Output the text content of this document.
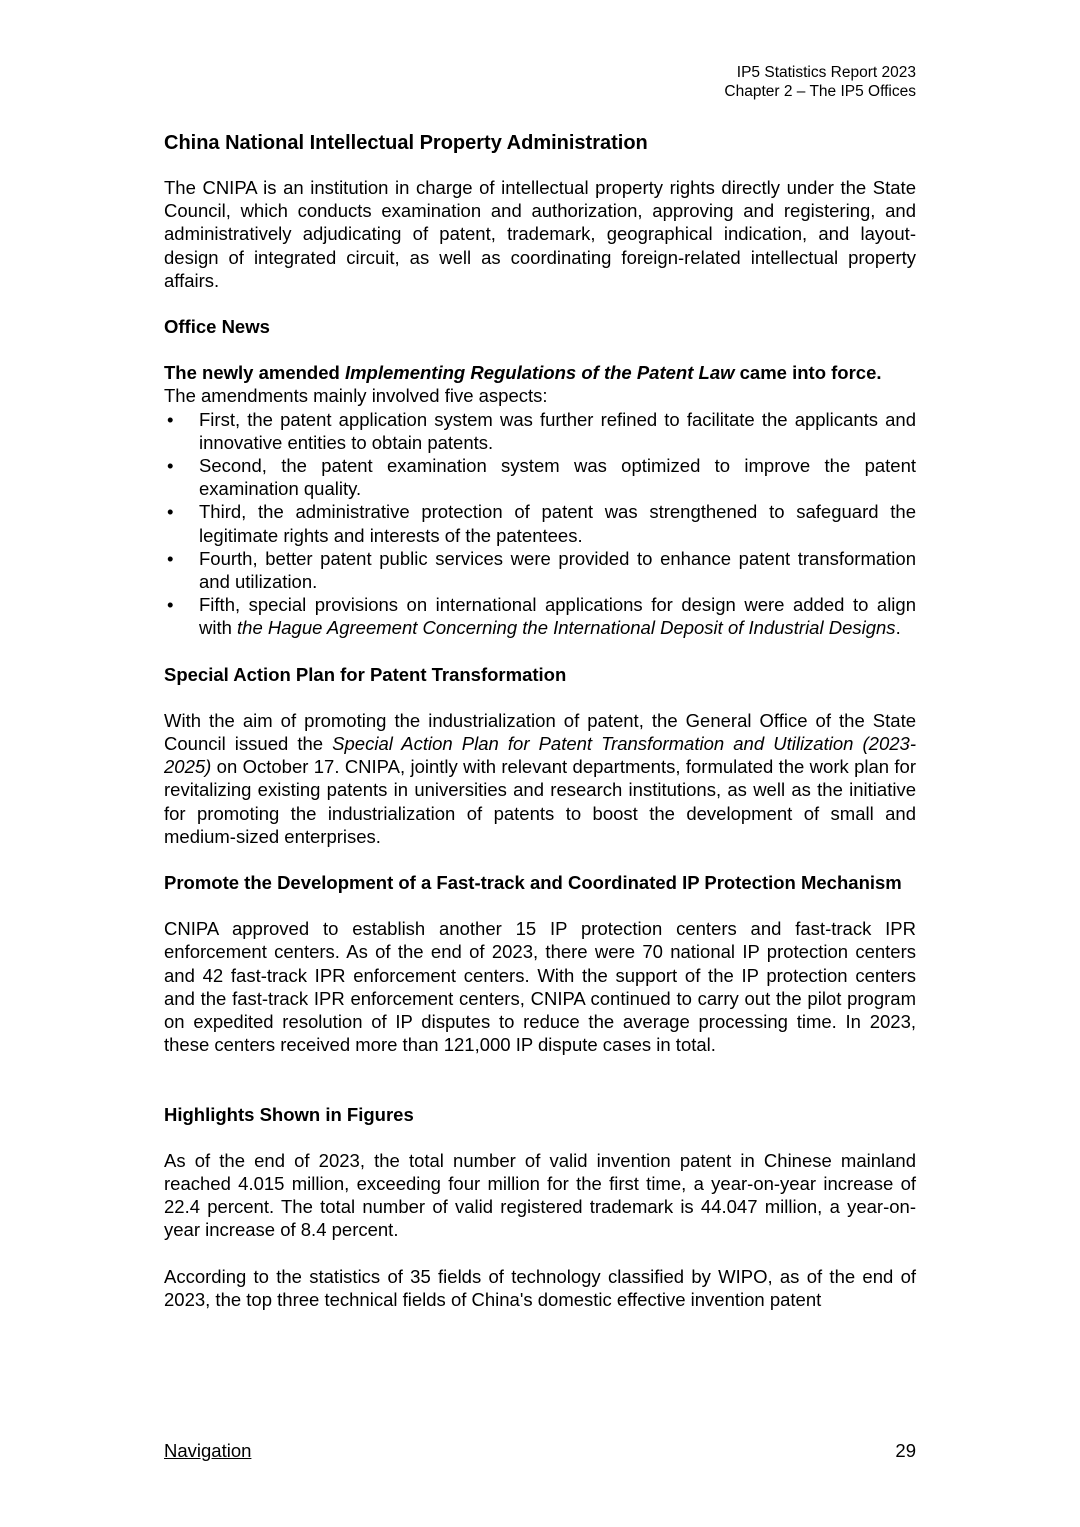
IP5 Statistics Report 2023
Chapter 2 – The IP5 Offices
China National Intellectual Property Administration

The CNIPA is an institution in charge of intellectual property rights directly under the State Council, which conducts examination and authorization, approving and registering, and administratively adjudicating of patent, trademark, geographical indication, and layout-design of integrated circuit, as well as coordinating foreign-related intellectual property affairs.

Office News
The newly amended Implementing Regulations of the Patent Law came into force.

The amendments mainly involved five aspects:

• First, the patent application system was further refined to facilitate the applicants and innovative entities to obtain patents.
• Second, the patent examination system was optimized to improve the patent examination quality.
• Third, the administrative protection of patent was strengthened to safeguard the legitimate rights and interests of the patentees.
• Fourth, better patent public services were provided to enhance patent transformation and utilization.
• Fifth, special provisions on international applications for design were added to align with the Hague Agreement Concerning the International Deposit of Industrial Designs.
Special Action Plan for Patent Transformation

With the aim of promoting the industrialization of patent, the General Office of the State Council issued the Special Action Plan for Patent Transformation and Utilization (2023-2025) on October 17. CNIPA, jointly with relevant departments, formulated the work plan for revitalizing existing patents in universities and research institutions, as well as the initiative for promoting the industrialization of patents to boost the development of small and medium-sized enterprises.

Promote the Development of a Fast-track and Coordinated IP Protection Mechanism

CNIPA approved to establish another 15 IP protection centers and fast-track IPR enforcement centers. As of the end of 2023, there were 70 national IP protection centers and 42 fast-track IPR enforcement centers. With the support of the IP protection centers and the fast-track IPR enforcement centers, CNIPA continued to carry out the pilot program on expedited resolution of IP disputes to reduce the average processing time. In 2023, these centers received more than 121,000 IP dispute cases in total.

Highlights Shown in Figures

As of the end of 2023, the total number of valid invention patent in Chinese mainland reached 4.015 million, exceeding four million for the first time, a year-on-year increase of 22.4 percent. The total number of valid registered trademark is 44.047 million, a year-on-year increase of 8.4 percent.

According to the statistics of 35 fields of technology classified by WIPO, as of the end of 2023, the top three technical fields of China's domestic effective invention patent

Navigation	29
